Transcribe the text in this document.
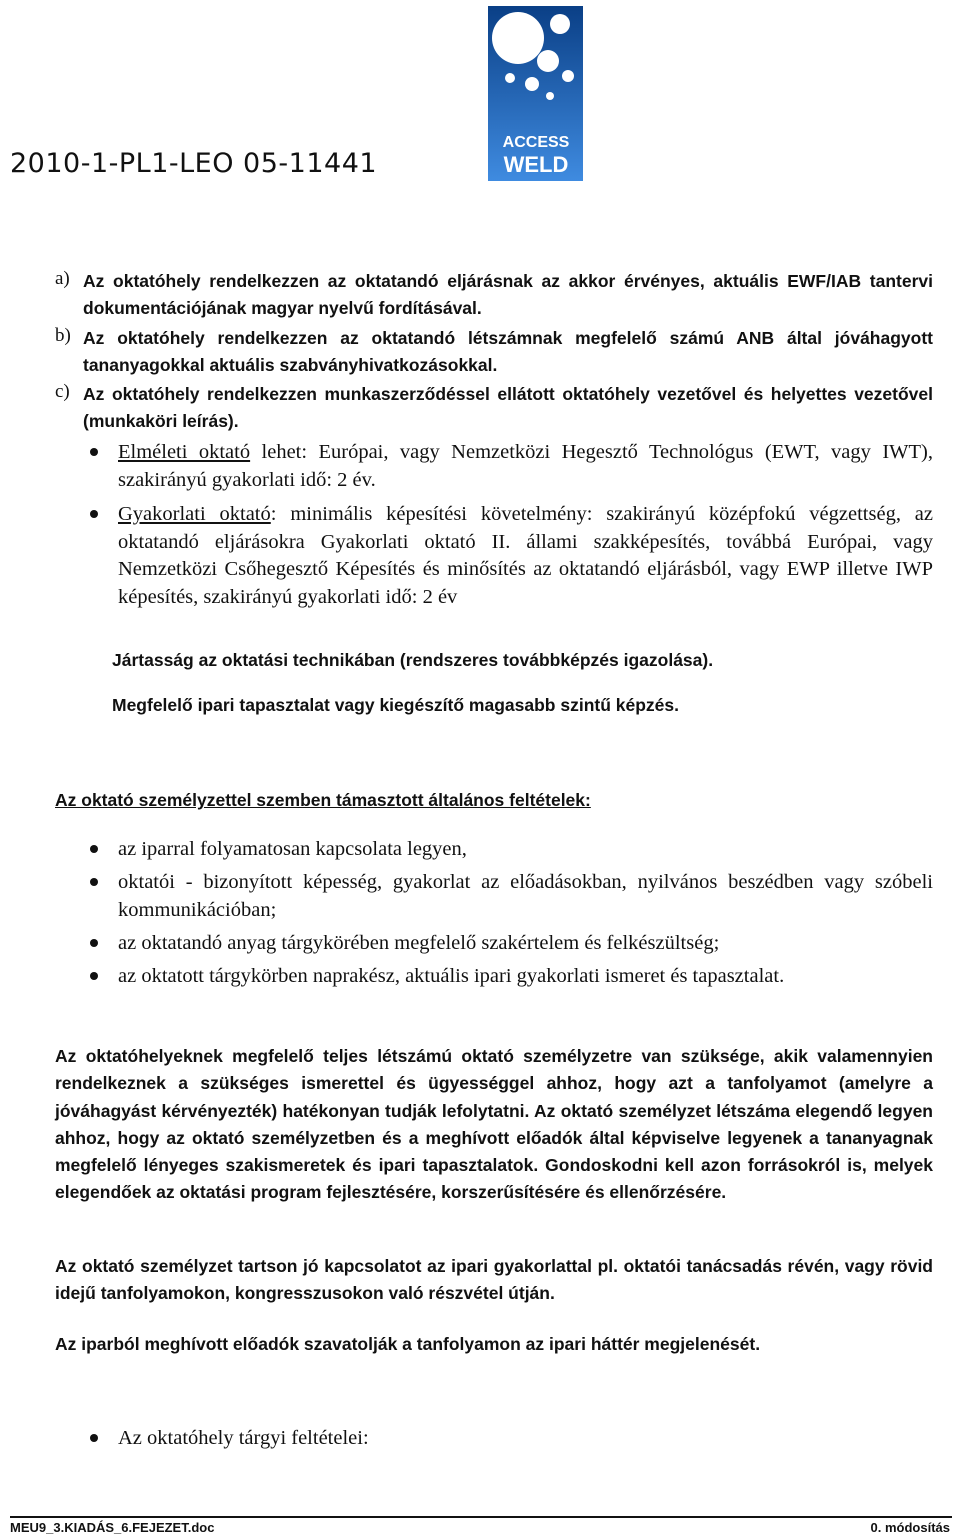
2010-1-PL1-LEO 05-11441
ACCESS
WELD
a) Az oktatóhely rendelkezzen az oktatandó eljárásnak az akkor érvényes, aktuális EWF/IAB tantervi dokumentációjának magyar nyelvű fordításával.
b) Az oktatóhely rendelkezzen az oktatandó létszámnak megfelelő számú ANB által jóváhagyott tananyagokkal aktuális szabványhivatkozásokkal.
c) Az oktatóhely rendelkezzen munkaszerződéssel ellátott oktatóhely vezetővel és helyettes vezetővel (munkaköri leírás).
Elméleti oktató lehet: Európai, vagy Nemzetközi Hegesztő Technológus (EWT, vagy IWT), szakirányú gyakorlati idő: 2 év.
Gyakorlati oktató: minimális képesítési követelmény: szakirányú középfokú végzettség, az oktatandó eljárásokra Gyakorlati oktató II. állami szakképesítés, továbbá Európai, vagy Nemzetközi Csőhegesztő Képesítés és minősítés az oktatandó eljárásból, vagy EWP illetve IWP képesítés, szakirányú gyakorlati idő: 2 év
Jártasság az oktatási technikában (rendszeres továbbképzés igazolása).
Megfelelő ipari tapasztalat vagy kiegészítő magasabb szintű képzés.
Az oktató személyzettel szemben támasztott általános feltételek:
az iparral folyamatosan kapcsolata legyen,
oktatói - bizonyított képesség, gyakorlat az előadásokban, nyilvános beszédben vagy szóbeli kommunikációban;
az oktatandó anyag tárgykörében megfelelő szakértelem és felkészültség;
az oktatott tárgykörben naprakész, aktuális ipari gyakorlati ismeret és tapasztalat.
Az oktatóhelyeknek megfelelő teljes létszámú oktató személyzetre van szüksége, akik valamennyien rendelkeznek a szükséges ismerettel és ügyességgel ahhoz, hogy azt a tanfolyamot (amelyre a jóváhagyást kérvényezték) hatékonyan tudják lefolytatni. Az oktató személyzet létszáma elegendő legyen ahhoz, hogy az oktató személyzetben és a meghívott előadók által képviselve legyenek a tananyagnak megfelelő lényeges szakismeretek és ipari tapasztalatok. Gondoskodni kell azon forrásokról is, melyek elegendőek az oktatási program fejlesztésére, korszerűsítésére és ellenőrzésére.
Az oktató személyzet tartson jó kapcsolatot az ipari gyakorlattal pl. oktatói tanácsadás révén, vagy rövid idejű tanfolyamokon, kongresszusokon való részvétel útján.
Az iparból meghívott előadók szavatolják a tanfolyamon az ipari háttér megjelenését.
Az oktatóhely tárgyi feltételei:
MEU9_3.KIADÁS_6.FEJEZET.doc	0. módosítás
